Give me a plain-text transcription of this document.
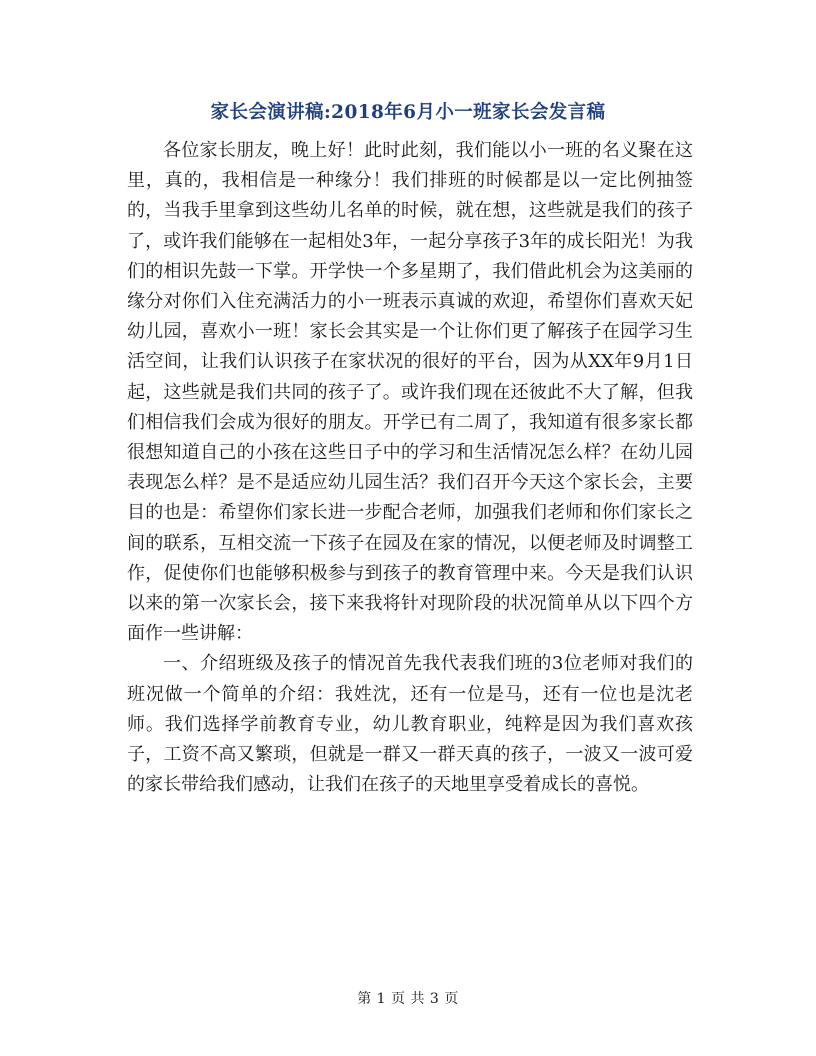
家长会演讲稿:2018年6月小一班家长会发言稿

各位家长朋友，晚上好！此时此刻，我们能以小一班的名义聚在这里，真的，我相信是一种缘分！我们排班的时候都是以一定比例抽签的，当我手里拿到这些幼儿名单的时候，就在想，这些就是我们的孩子了，或许我们能够在一起相处3年，一起分享孩子3年的成长阳光！为我们的相识先鼓一下掌。开学快一个多星期了，我们借此机会为这美丽的缘分对你们入住充满活力的小一班表示真诚的欢迎，希望你们喜欢天妃幼儿园，喜欢小一班！家长会其实是一个让你们更了解孩子在园学习生活空间，让我们认识孩子在家状况的很好的平台，因为从XX年9月1日起，这些就是我们共同的孩子了。或许我们现在还彼此不大了解，但我们相信我们会成为很好的朋友。开学已有二周了，我知道有很多家长都很想知道自己的小孩在这些日子中的学习和生活情况怎么样？在幼儿园表现怎么样？是不是适应幼儿园生活？我们召开今天这个家长会，主要目的也是：希望你们家长进一步配合老师，加强我们老师和你们家长之间的联系，互相交流一下孩子在园及在家的情况，以便老师及时调整工作，促使你们也能够积极参与到孩子的教育管理中来。今天是我们认识以来的第一次家长会，接下来我将针对现阶段的状况简单从以下四个方面作一些讲解：

一、介绍班级及孩子的情况首先我代表我们班的3位老师对我们的班况做一个简单的介绍：我姓沈，还有一位是马，还有一位也是沈老师。我们选择学前教育专业，幼儿教育职业，纯粹是因为我们喜欢孩子，工资不高又繁琐，但就是一群又一群天真的孩子，一波又一波可爱的家长带给我们感动，让我们在孩子的天地里享受着成长的喜悦。

第 1 页 共 3 页
